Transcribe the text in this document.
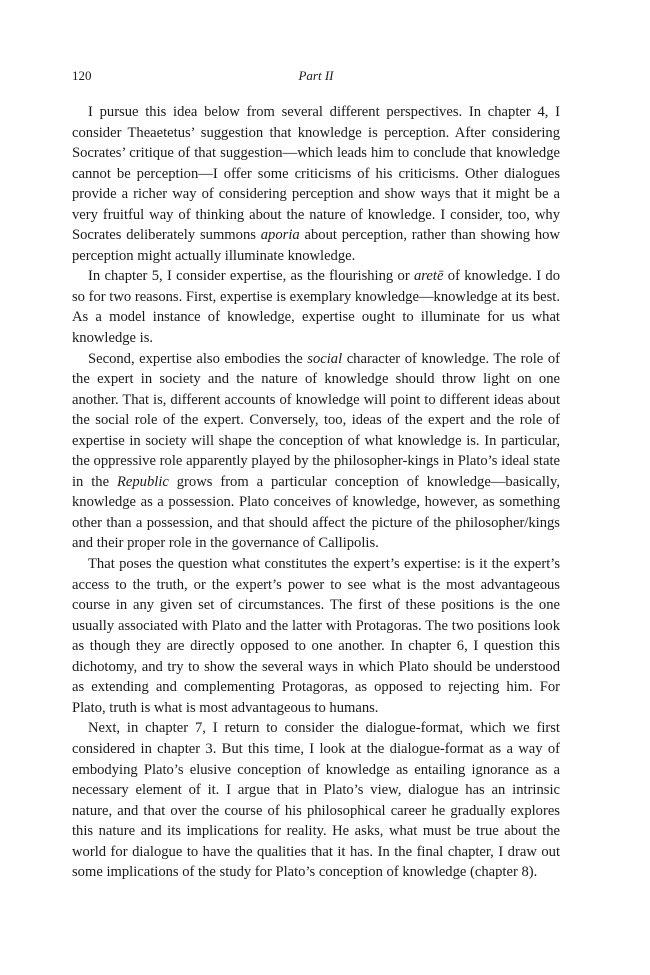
120	Part II

I pursue this idea below from several different perspectives. In chapter 4, I consider Theaetetus’ suggestion that knowledge is perception. After considering Socrates’ critique of that suggestion—which leads him to conclude that knowledge cannot be perception—I offer some criticisms of his criticisms. Other dialogues provide a richer way of considering perception and show ways that it might be a very fruitful way of thinking about the nature of knowledge. I consider, too, why Socrates deliberately summons aporia about perception, rather than showing how perception might actually illuminate knowledge.

In chapter 5, I consider expertise, as the flourishing or aretē of knowledge. I do so for two reasons. First, expertise is exemplary knowledge—knowledge at its best. As a model instance of knowledge, expertise ought to illuminate for us what knowledge is.

Second, expertise also embodies the social character of knowledge. The role of the expert in society and the nature of knowledge should throw light on one another. That is, different accounts of knowledge will point to different ideas about the social role of the expert. Conversely, too, ideas of the expert and the role of expertise in society will shape the conception of what knowledge is. In particular, the oppressive role apparently played by the philosopher-kings in Plato’s ideal state in the Republic grows from a particular conception of knowledge—basically, knowledge as a possession. Plato conceives of knowledge, however, as something other than a possession, and that should affect the picture of the philosopher/kings and their proper role in the governance of Callipolis.

That poses the question what constitutes the expert’s expertise: is it the expert’s access to the truth, or the expert’s power to see what is the most advantageous course in any given set of circumstances. The first of these positions is the one usually associated with Plato and the latter with Protagoras. The two positions look as though they are directly opposed to one another. In chapter 6, I question this dichotomy, and try to show the several ways in which Plato should be understood as extending and complementing Protagoras, as opposed to rejecting him. For Plato, truth is what is most advantageous to humans.

Next, in chapter 7, I return to consider the dialogue-format, which we first considered in chapter 3. But this time, I look at the dialogue-format as a way of embodying Plato’s elusive conception of knowledge as entailing ignorance as a necessary element of it. I argue that in Plato’s view, dialogue has an intrinsic nature, and that over the course of his philosophical career he gradually explores this nature and its implications for reality. He asks, what must be true about the world for dialogue to have the qualities that it has. In the final chapter, I draw out some implications of the study for Plato’s conception of knowledge (chapter 8).
